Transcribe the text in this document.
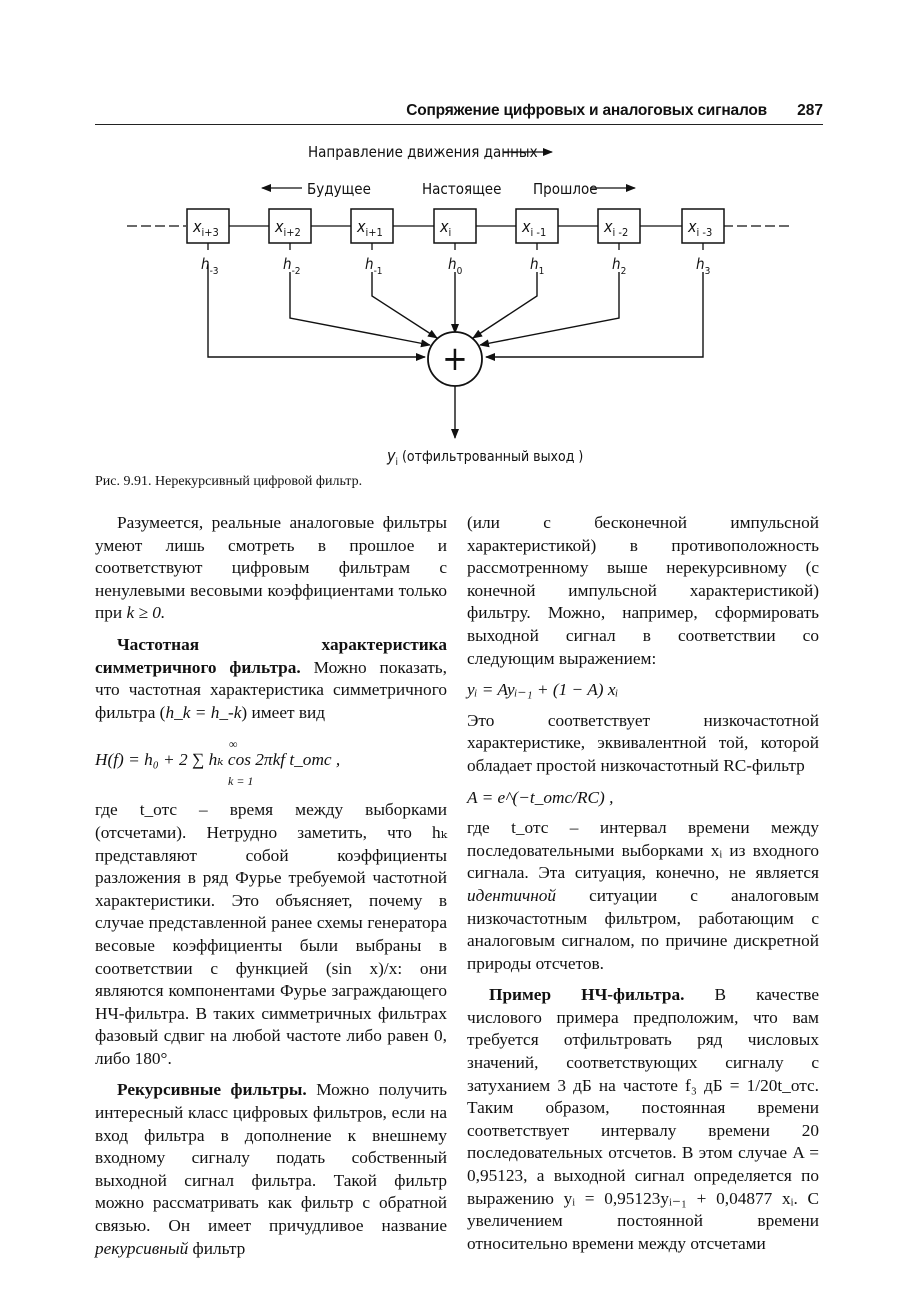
Сопряжение цифровых и аналоговых сигналов 287
Направление движения данных
Будущее	Настоящее Прошлое
$x_{i+3}$
$h_{-3}$
$x_{i+2}$
$h_{-2}$
$x_{i+1}$
$h_{-1}$
$x_i$
$h_0$
$x_{i -1}$
$h_1$
$x_{i -2}$
$h_2$
$x_{i -3}$
$h_3$
+
$y_i$ (отфильтрованный выход )
Рис. 9.91. Нерекурсивный цифровой фильтр.

Разумеется, реальные аналоговые фильтры умеют лишь смотреть в прошлое и соответствуют цифровым фильтрам с ненулевыми весовыми коэффициентами только при k ≥ 0.

Частотная характеристика симметричного фильтра. Можно показать, что частотная характеристика симметричного фильтра (h_k = h_-k) имеет вид

H(f) = h₀ + 2 ∑ hₖ cos 2πkf t_отс ,
∞
k = 1

где t_отс – время между выборками (отсчетами). Нетрудно заметить, что hₖ представляют собой коэффициенты разложения в ряд Фурье требуемой частотной характеристики. Это объясняет, почему в случае представленной ранее схемы генератора весовые коэффициенты были выбраны в соответствии с функцией (sin x)/x: они являются компонентами Фурье заграждающего НЧ-фильтра. В таких симметричных фильтрах фазовый сдвиг на любой частоте либо равен 0, либо 180°.

Рекурсивные фильтры. Можно получить интересный класс цифровых фильтров, если на вход фильтра в дополнение к внешнему входному сигналу подать собственный выходной сигнал фильтра. Такой фильтр можно рассматривать как фильтр с обратной связью. Он имеет причудливое название рекурсивный фильтр

(или с бесконечной импульсной характеристикой) в противоположность рассмотренному выше нерекурсивному (с конечной импульсной характеристикой) фильтру. Можно, например, сформировать выходной сигнал в соответствии со следующим выражением:

yᵢ = Ayᵢ₋₁ + (1 − A) xᵢ

Это соответствует низкочастотной характеристике, эквивалентной той, которой обладает простой низкочастотный RC-фильтр

A = e^(−t_отс/RC) ,

где t_отс – интервал времени между последовательными выборками xᵢ из входного сигнала. Эта ситуация, конечно, не является идентичной ситуации с аналоговым низкочастотным фильтром, работающим с аналоговым сигналом, по причине дискретной природы отсчетов.

Пример НЧ-фильтра. В качестве числового примера предположим, что вам требуется отфильтровать ряд числовых значений, соответствующих сигналу с затуханием 3 дБ на частоте f₃ дБ = 1/20t_отс. Таким образом, постоянная времени соответствует интервалу времени 20 последовательных отсчетов. В этом случае A = 0,95123, а выходной сигнал определяется по выражению yᵢ = 0,95123yᵢ₋₁ + 0,04877 xᵢ. С увеличением постоянной времени относительно времени между отсчетами
